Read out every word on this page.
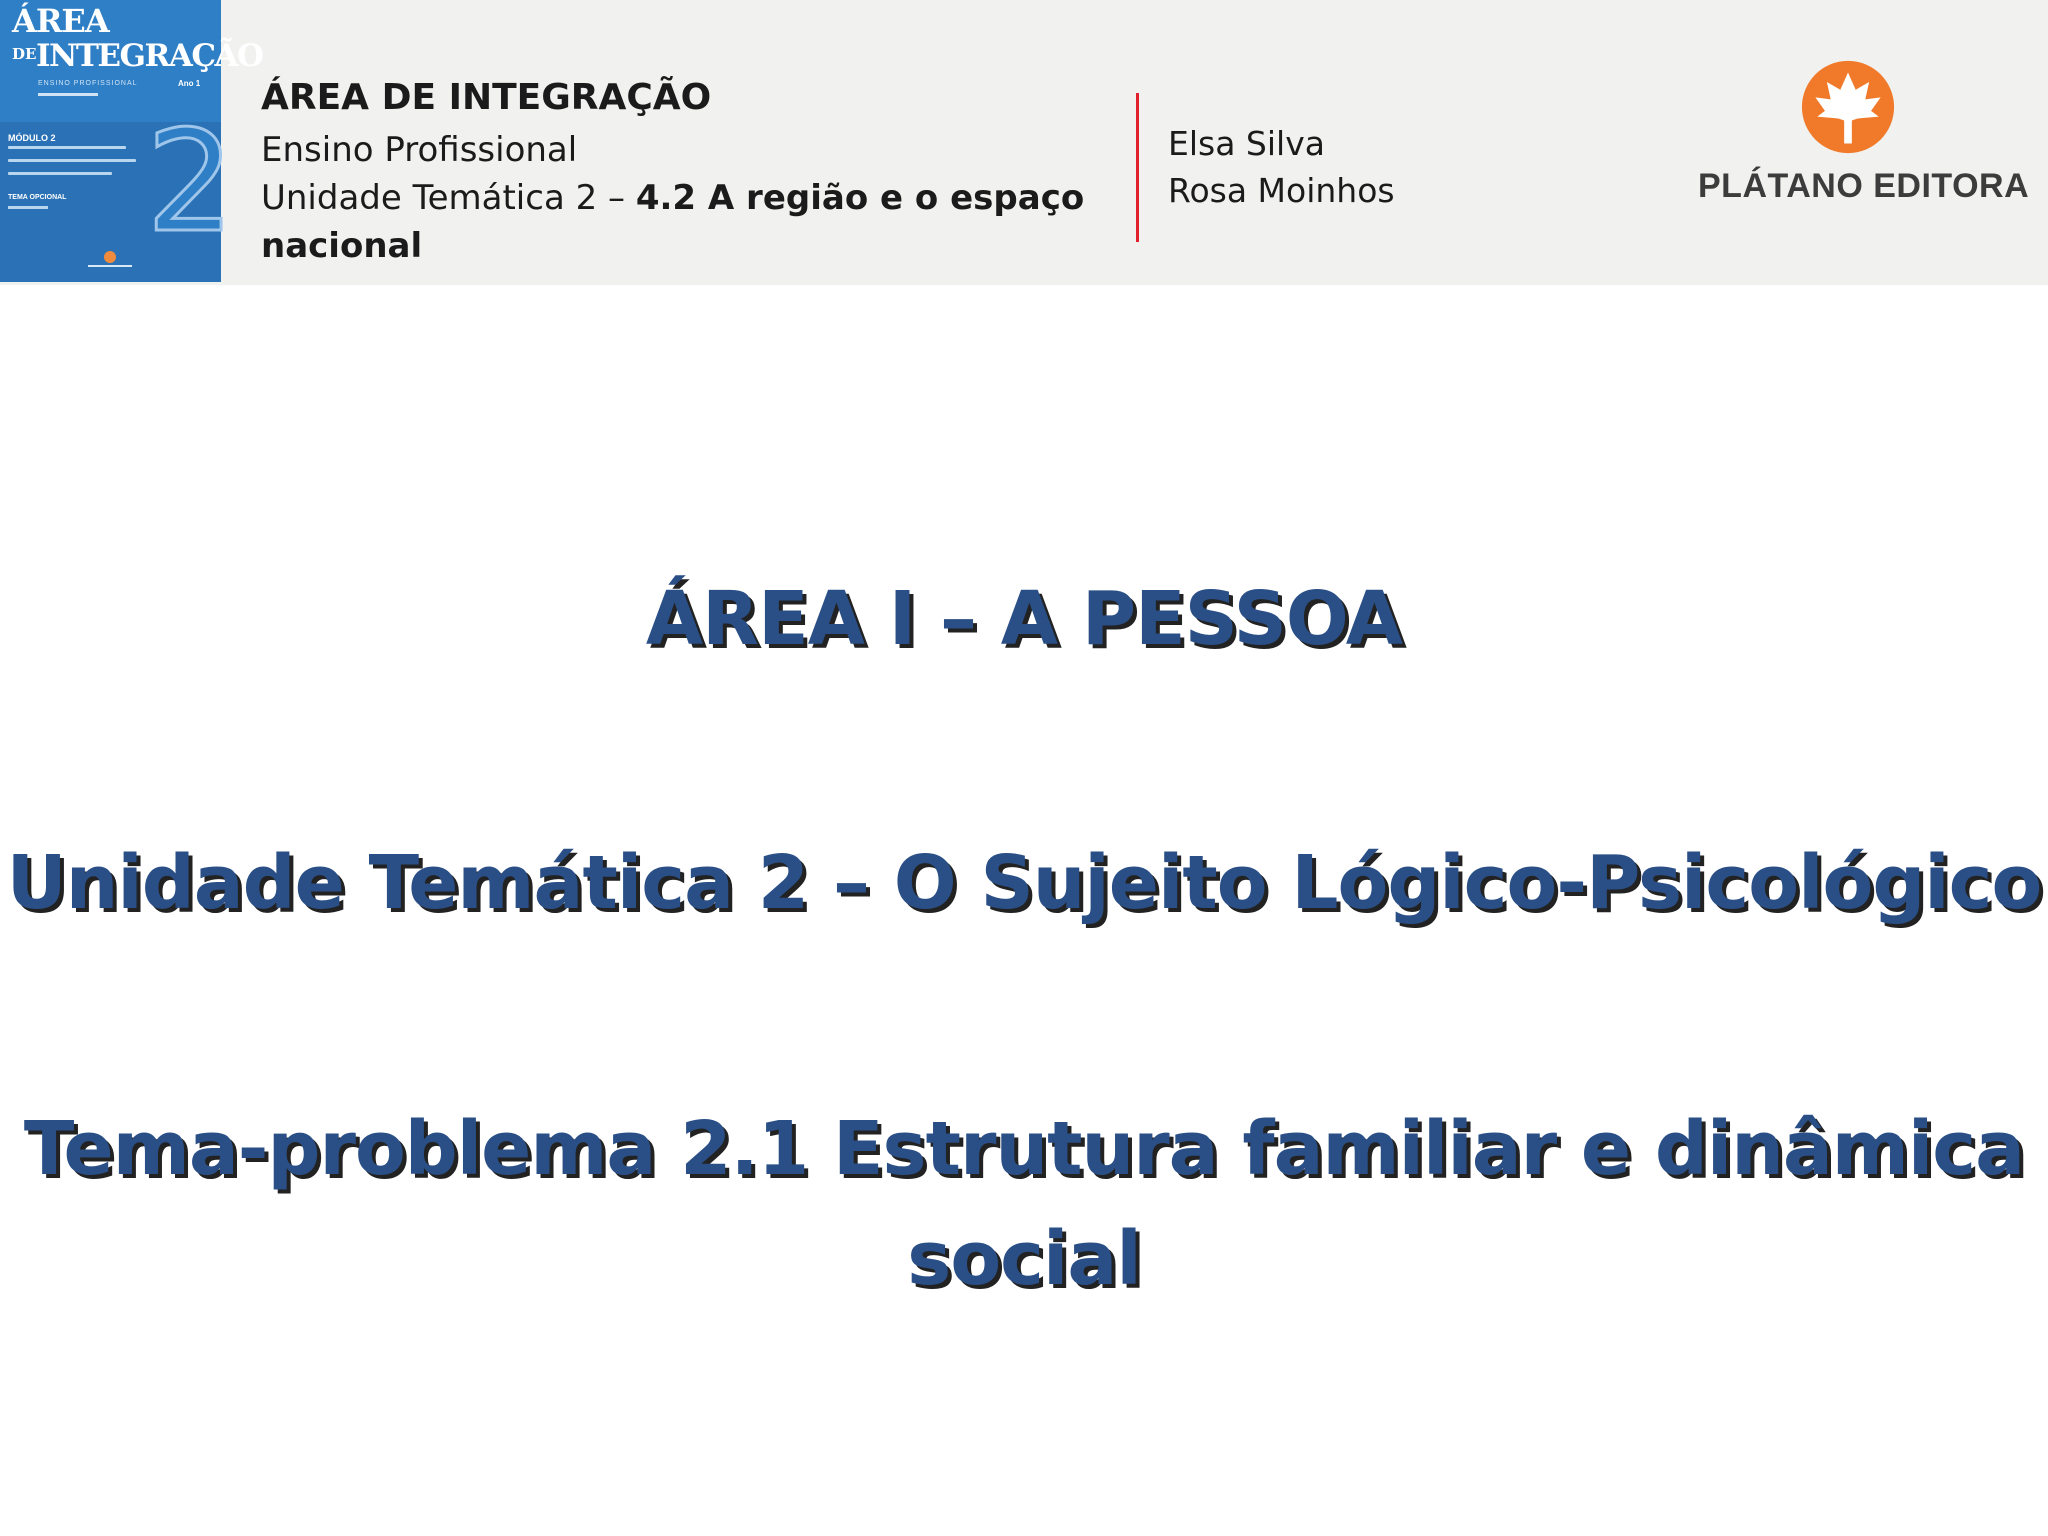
ÁREA
DE INTEGRAÇÃO
ENSINO PROFISSIONAL	Ano 1
MÓDULO 2
TEMA OPCIONAL 2
ÁREA DE INTEGRAÇÃO
Ensino Profissional
Unidade Temática 2 – 4.2 A região e o espaço
nacional
Elsa Silva
Rosa Moinhos	PLÁTANO EDITORA
ÁREA I – A PESSOA
Unidade Temática 2 – O Sujeito Lógico-Psicológico
Tema-problema 2.1 Estrutura familiar e dinâmica
social
